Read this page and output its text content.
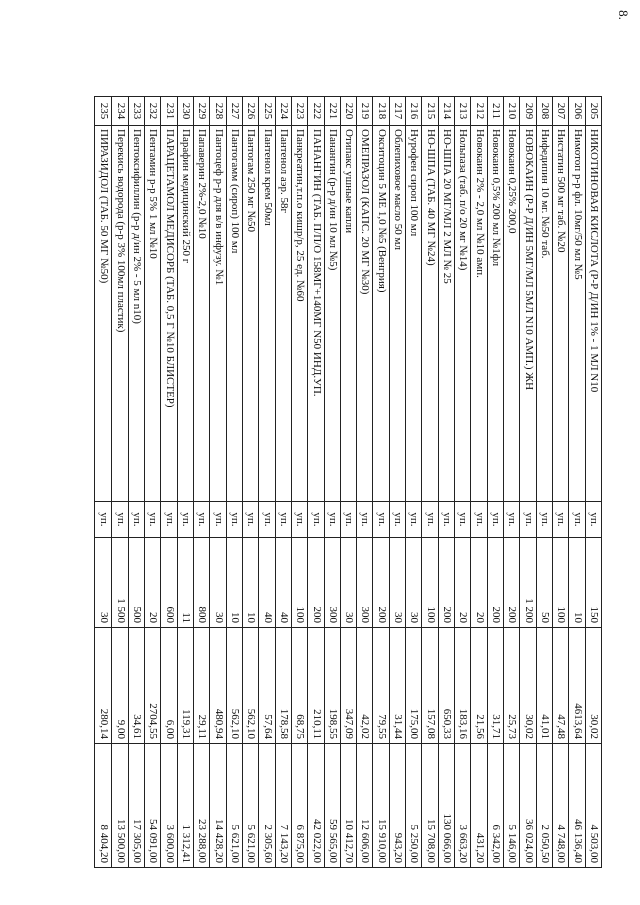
8.
205
НИКОТИНОВАЯ КИСЛОТА (Р-Р Д/ИН 1% - 1 МЛ N10
уп.
150
30,02
4 503,00
206
Нимотоп р-р фл. 10мг/50 мл №5
уп.
10
4613,64
46 136,40
207
Нистатин 500 мг таб. №20
уп.
100
47,48
4 748,00
208
Нифедипин 10 мг. №50 таб.
уп.
50
41,01
2 050,50
209
НОВОКАИН (Р-Р Д/ИН 5МГ/МЛ 5МЛ N10 АМП.) ЖН
уп.
1 200
30,02
36 024,00
210
Новокаин 0,25% 200,0
уп.
200
25,73
5 146,00
211
Новокаин 0,5% 200 мл №1фл
уп.
200
31,71
6 342,00
212
Новокаин 2% - 2,0 мл №10 амп.
уп.
20
21,56
431,20
213
Нольпаза (таб. п/о 20 мг №14)
уп.
20
183,16
3 663,20
214
НО-ШПА 20 МГ/МЛ 2 МЛ № 25
уп.
200
650,33
130 066,00
215
НО-ШПА (ТАБ. 40 МГ №24)
уп.
100
157,08
15 708,00
216
Нурофен сироп 100 мл
уп.
30
175,00
5 250,00
217
Облепиховое масло 50 мл
уп.
30
31,44
943,20
218
Окситоцин 5 МЕ 1,0 №5 (Венгрия)
уп.
200
79,55
15 910,00
219
ОМЕПРАЗОЛ (КАПС. 20 МГ №30)
уп.
300
42,02
12 606,00
220
Отипакс ушные капли
уп.
30
347,09
10 412,70
221
Панангин (р-р д/ин 10 мл №5)
уп.
300
198,55
59 565,00
222
ПАНАНГИН (ТАБ. П/П/О 158МГ+140МГ N50 ИНД.УП.
уп.
200
210,11
42 022,00
223
Панкреатин,т.п.о кишр/р, 25 ед. №60
уп.
100
68,75
6 875,00
224
Пантенол аэр. 58г
уп.
40
178,58
7 143,20
225
Пантенол крем 50мл
уп.
40
57,64
2 305,60
226
Пантогам 250 мг №50
уп.
10
562,10
5 621,00
227
Пантогамм (сироп) 100 мл
уп.
10
562,10
5 621,00
228
Пантоцеф р-р для в/в инфузу. №1
уп.
30
480,94
14 428,20
229
Папаверин 2%-2,0 №10
уп.
800
29,11
23 288,00
230
Парафин медицинский 250 г
уп.
11
119,31
1 312,41
231
ПАРАЦЕТАМОЛ МЕДИСОРБ (ТАБ. 0,5 Г №10 БЛИСТЕР)
уп.
600
6,00
3 600,00
232
Пентамин р-р 5% 1 мл №10
уп.
20
2704,55
54 091,00
233
Пентоксифиллин (р-р д/ин 2% - 5 мл n10)
уп.
500
34,61
17 305,00
234
Перекись водорода (р-р 3% 100мл пластик)
уп.
1 500
9,00
13 500,00
235
ПИРАЗИДОЛ (ТАБ. 50 МГ №50)
уп.
30
280,14
8 404,20
